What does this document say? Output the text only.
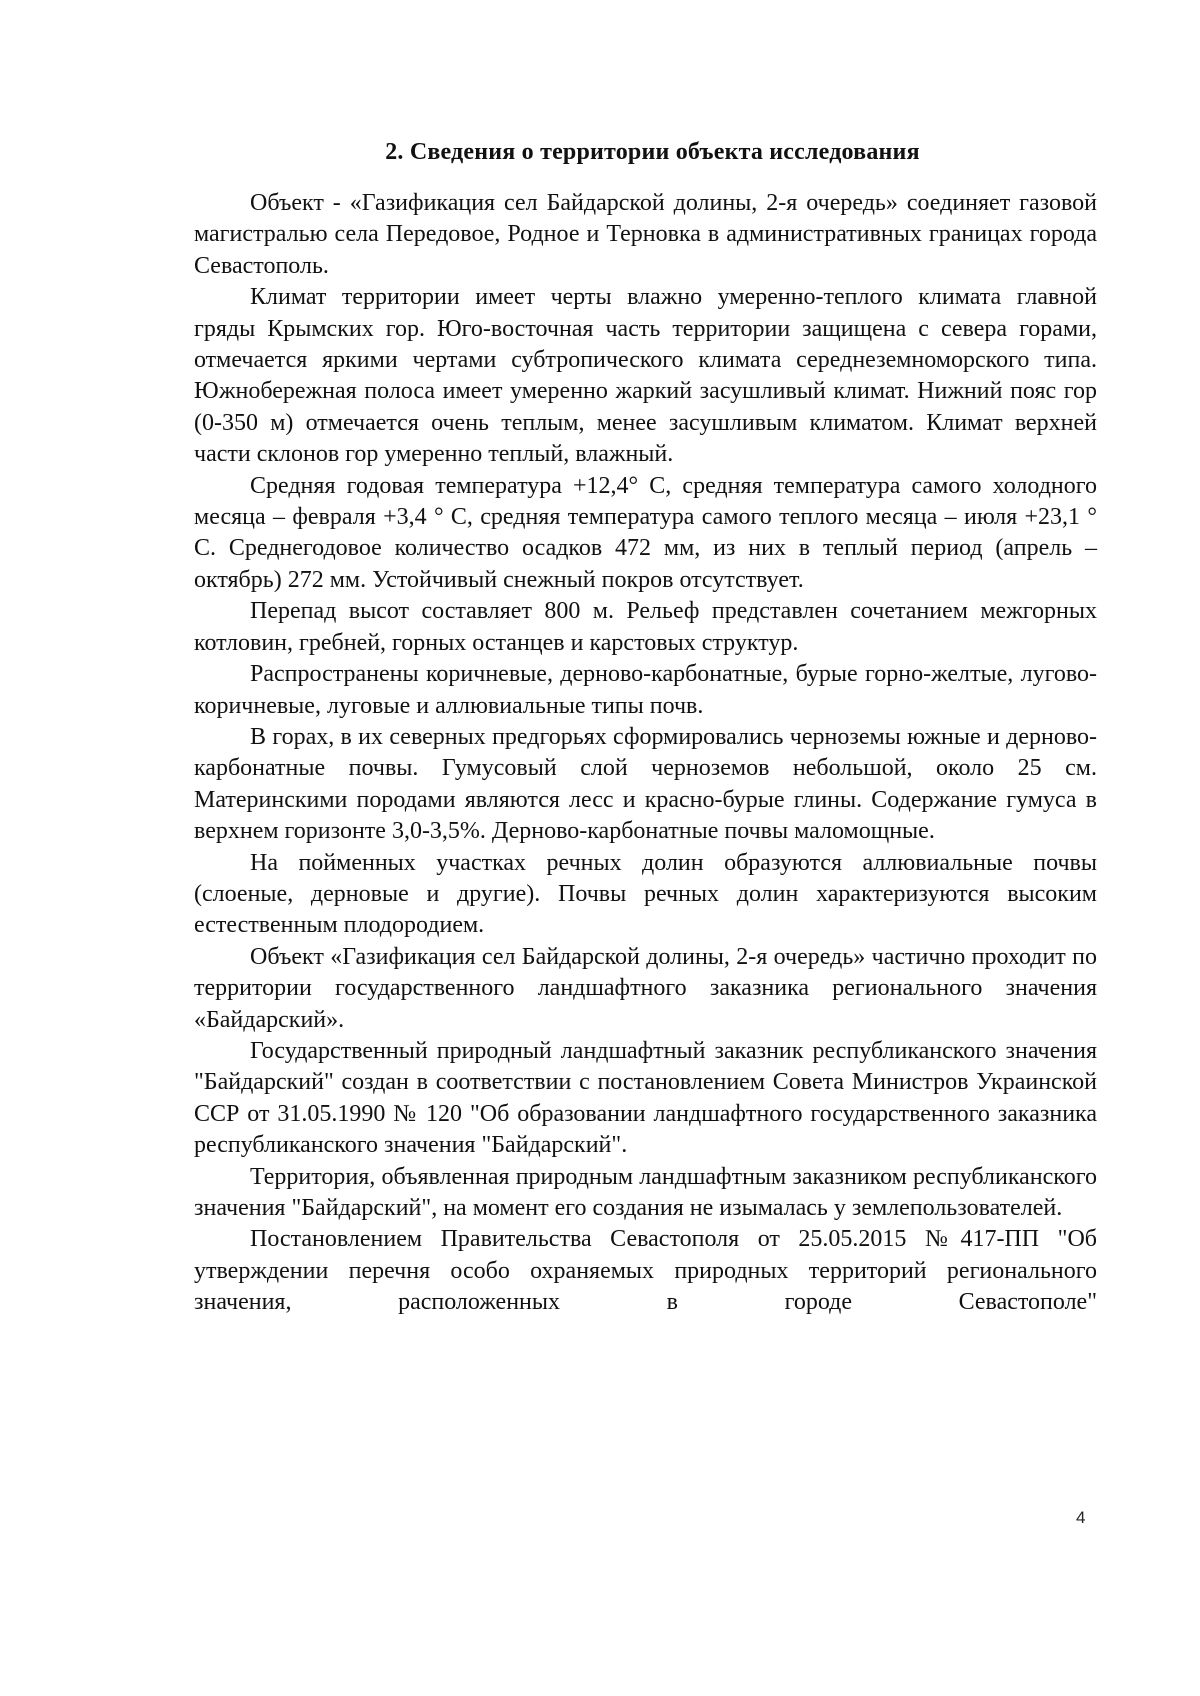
2. Сведения о территории объекта исследования

Объект - «Газификация сел Байдарской долины, 2-я очередь» соединяет газовой магистралью села Передовое, Родное и Терновка в административных границах города Севастополь.

Климат территории имеет черты влажно умеренно-теплого климата главной гряды Крымских гор. Юго-восточная часть территории защищена с севера горами, отмечается яркими чертами субтропического климата середнеземноморского типа. Южнобережная полоса имеет умеренно жаркий засушливый климат. Нижний пояс гор (0-350 м) отмечается очень теплым, менее засушливым климатом. Климат верхней части склонов гор умеренно теплый, влажный.

Средняя годовая температура +12,4° С, средняя температура самого холодного месяца – февраля +3,4 ° С, средняя температура самого теплого месяца – июля +23,1 ° С. Среднегодовое количество осадков 472 мм, из них в теплый период (апрель – октябрь) 272 мм. Устойчивый снежный покров отсутствует.

Перепад высот составляет 800 м. Рельеф представлен сочетанием межгорных котловин, гребней, горных останцев и карстовых структур.

Распространены коричневые, дерново-карбонатные, бурые горно-желтые, лугово-коричневые, луговые и аллювиальные типы почв.

В горах, в их северных предгорьях сформировались черноземы южные и дерново-карбонатные почвы. Гумусовый слой черноземов небольшой, около 25 см. Материнскими породами являются лесс и красно-бурые глины. Содержание гумуса в верхнем горизонте 3,0-3,5%. Дерново-карбонатные почвы маломощные.

На пойменных участках речных долин образуются аллювиальные почвы (слоеные, дерновые и другие). Почвы речных долин характеризуются высоким естественным плодородием.

Объект «Газификация сел Байдарской долины, 2-я очередь» частично проходит по территории государственного ландшафтного заказника регионального значения «Байдарский».

Государственный природный ландшафтный заказник республиканского значения "Байдарский" создан в соответствии с постановлением Совета Министров Украинской ССР от 31.05.1990 № 120 "Об образовании ландшафтного государственного заказника республиканского значения "Байдарский".

Территория, объявленная природным ландшафтным заказником республиканского значения "Байдарский", на момент его создания не изымалась у землепользователей.

Постановлением Правительства Севастополя от 25.05.2015 №417-ПП "Об утверждении перечня особо охраняемых природных территорий регионального значения, расположенных в городе Севастополе"

4
